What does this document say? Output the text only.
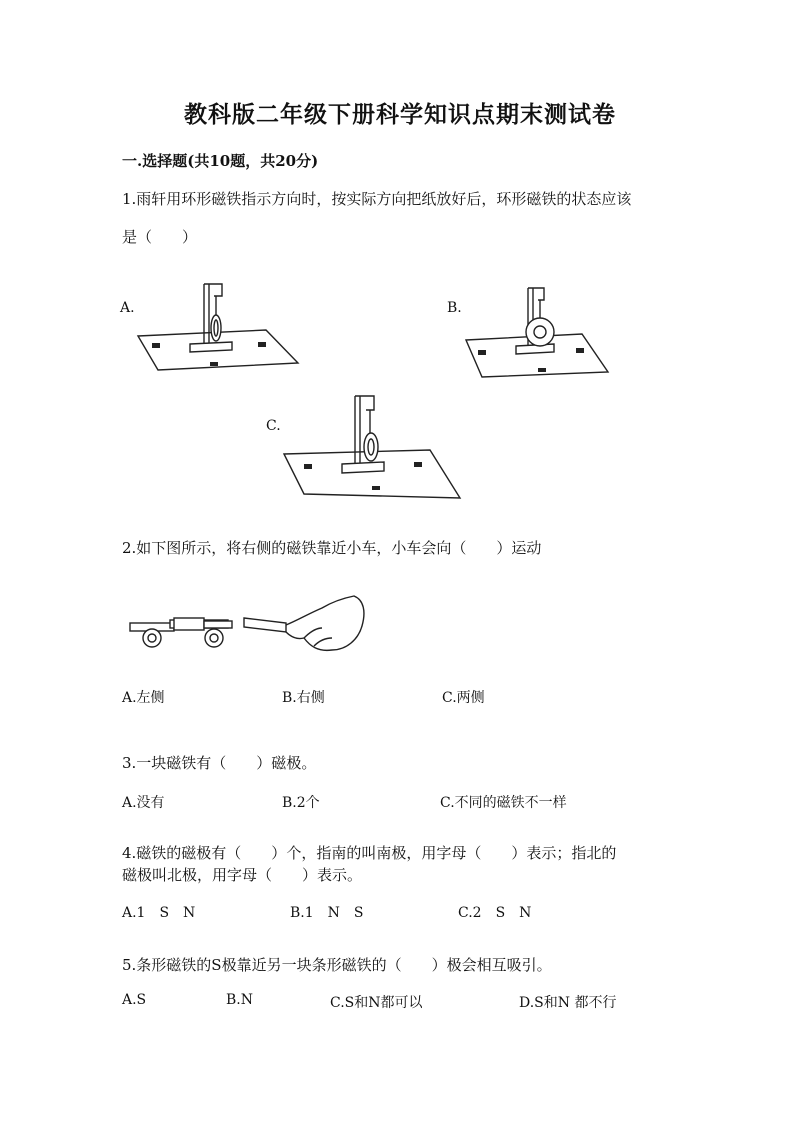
教科版二年级下册科学知识点期末测试卷
一.选择题(共10题，共20分)
1.雨轩用环形磁铁指示方向时，按实际方向把纸放好后，环形磁铁的状态应该
是（　　）
A.	B.
C.
2.如下图所示，将右侧的磁铁靠近小车，小车会向（　　）运动
A.左侧	B.右侧	C.两侧
3.一块磁铁有（　　）磁极。
A.没有	B.2个	C.不同的磁铁不一样
4.磁铁的磁极有（　　）个，指南的叫南极，用字母（　　）表示；指北的
磁极叫北极，用字母（　　）表示。
A.1　S　N	B.1　N　S	C.2　S　N
5.条形磁铁的S极靠近另一块条形磁铁的（　　）极会相互吸引。
A.S	B.N	C.S和N都可以	D.S和N 都不行
